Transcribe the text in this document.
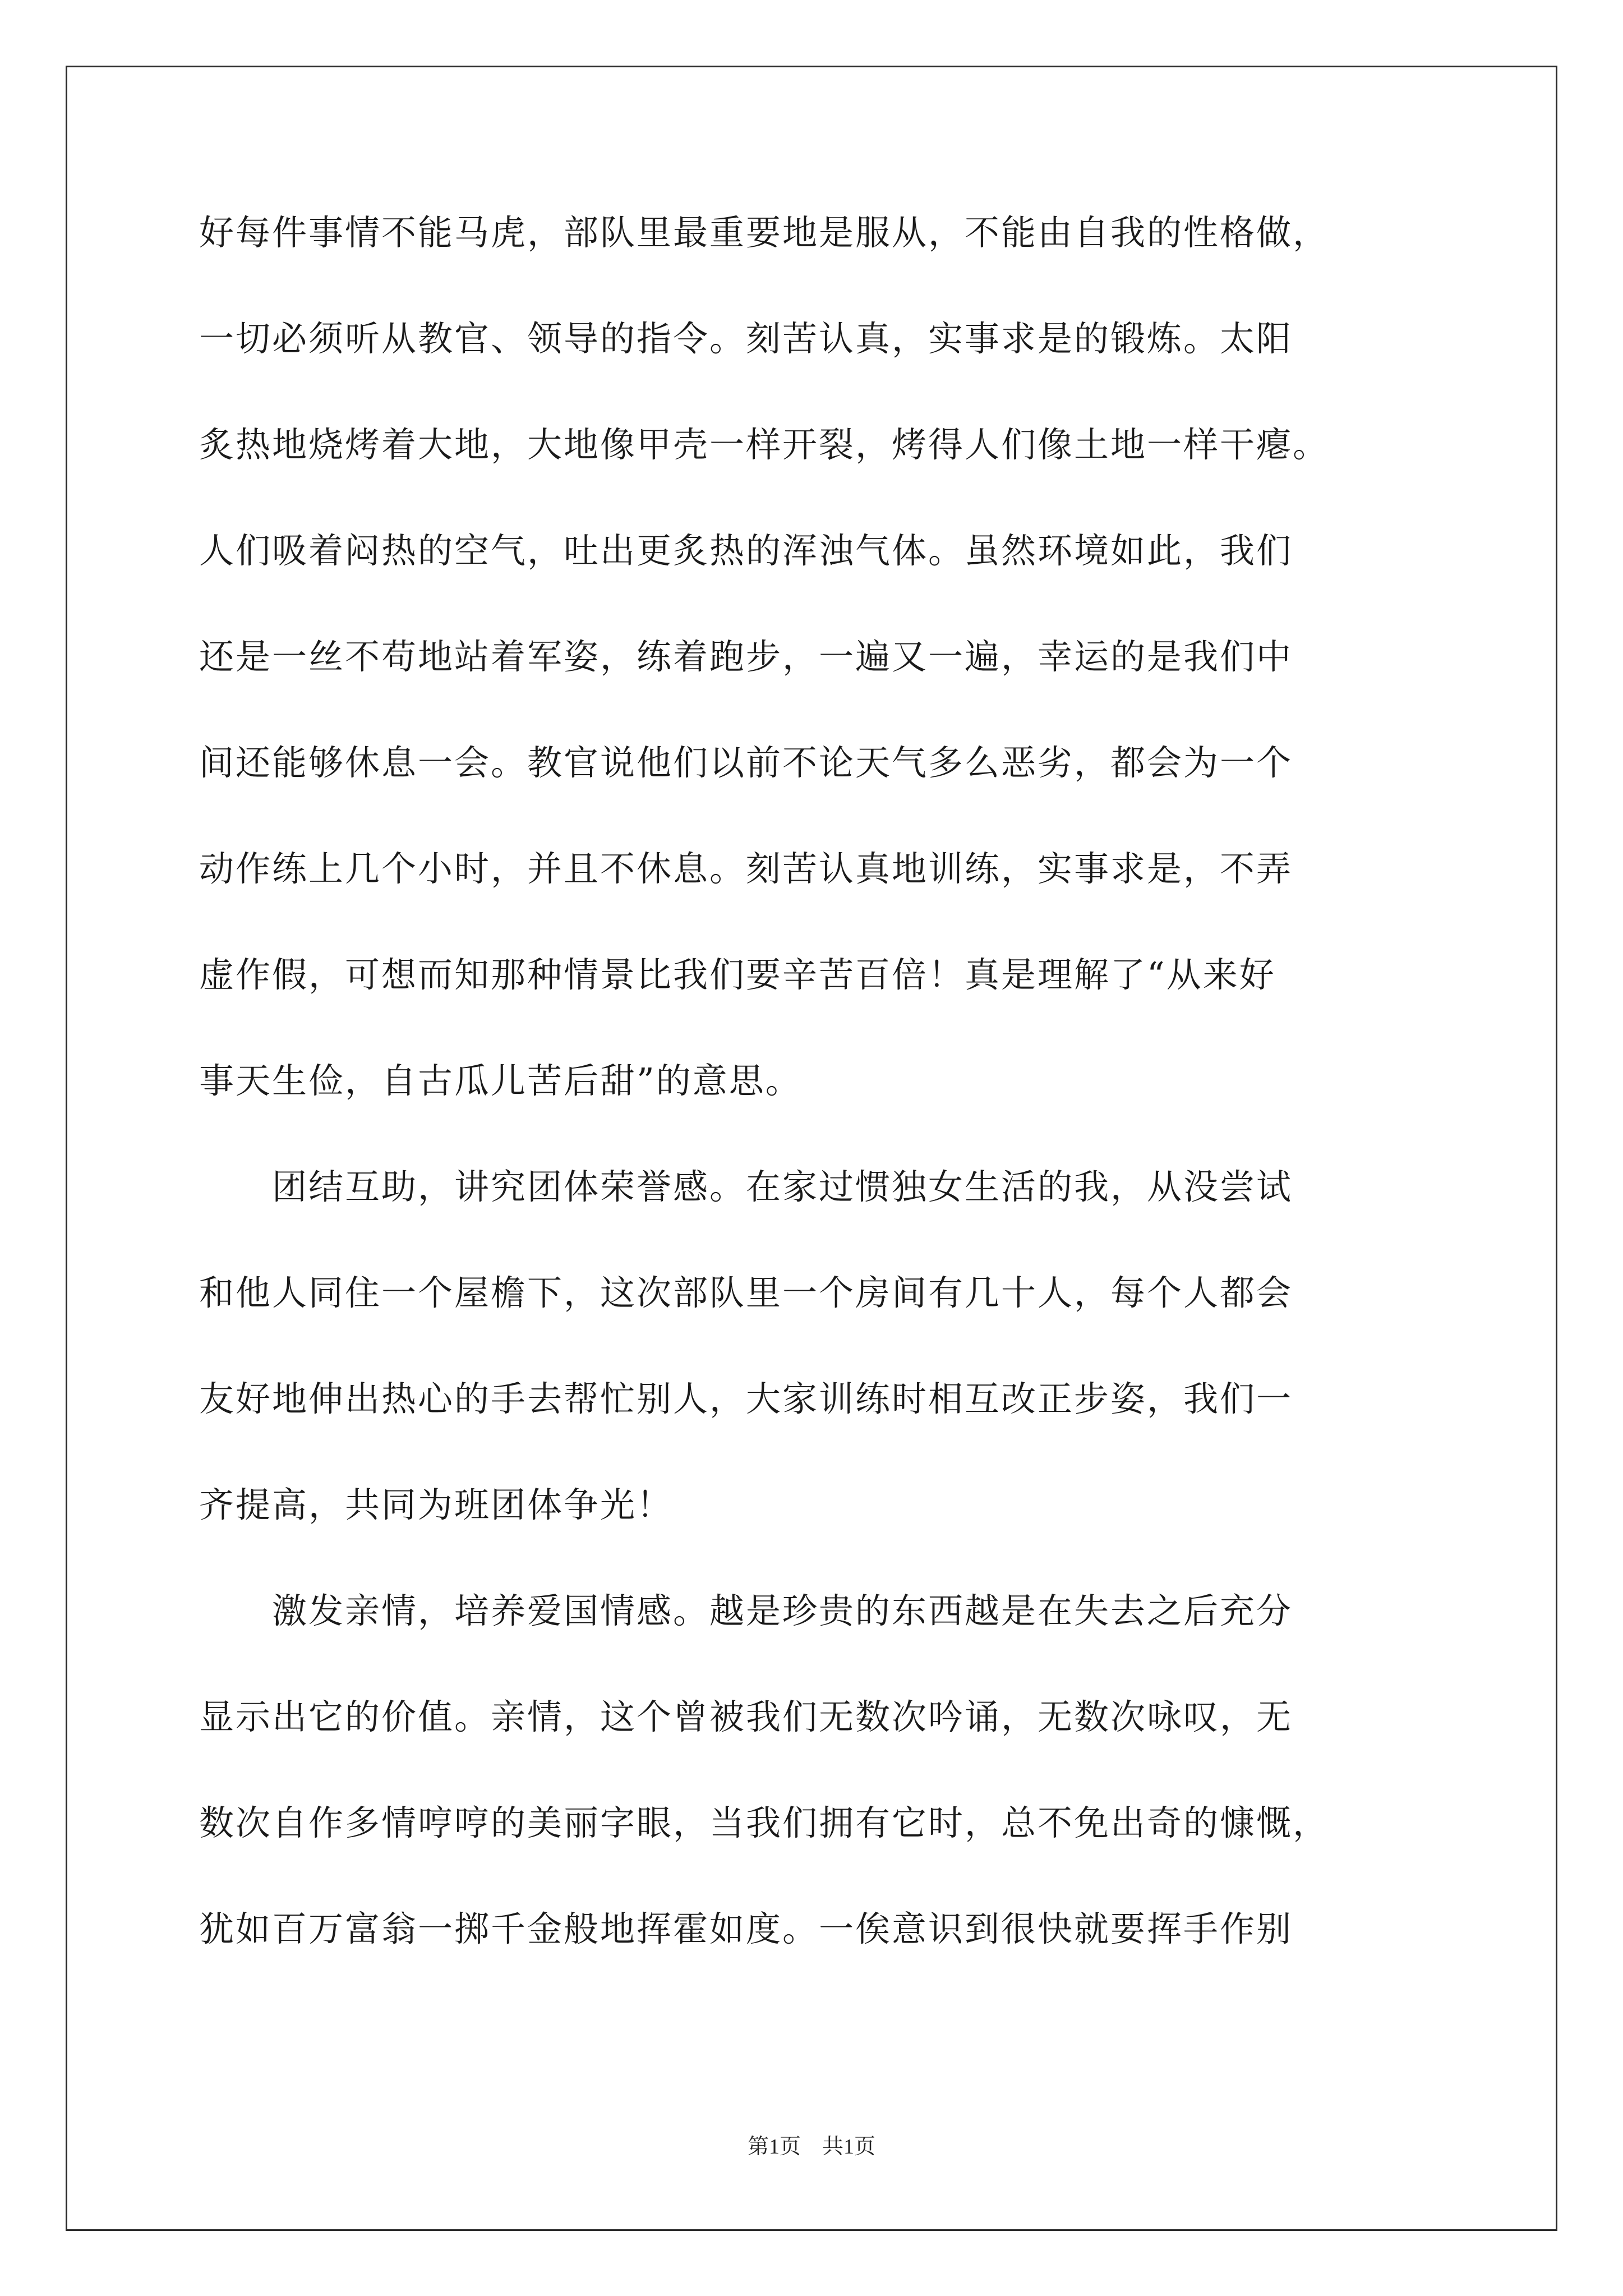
好每件事情不能马虎，部队里最重要地是服从，不能由自我的性格做，
一切必须听从教官、领导的指令。刻苦认真，实事求是的锻炼。太阳
炙热地烧烤着大地，大地像甲壳一样开裂，烤得人们像土地一样干瘪。
人们吸着闷热的空气，吐出更炙热的浑浊气体。虽然环境如此，我们
还是一丝不苟地站着军姿，练着跑步，一遍又一遍，幸运的是我们中
间还能够休息一会。教官说他们以前不论天气多么恶劣，都会为一个
动作练上几个小时，并且不休息。刻苦认真地训练，实事求是，不弄
虚作假，可想而知那种情景比我们要辛苦百倍！真是理解了“从来好
事天生俭，自古瓜儿苦后甜”的意思。
　　团结互助，讲究团体荣誉感。在家过惯独女生活的我，从没尝试
和他人同住一个屋檐下，这次部队里一个房间有几十人，每个人都会
友好地伸出热心的手去帮忙别人，大家训练时相互改正步姿，我们一
齐提高，共同为班团体争光！
　　激发亲情，培养爱国情感。越是珍贵的东西越是在失去之后充分
显示出它的价值。亲情，这个曾被我们无数次吟诵，无数次咏叹，无
数次自作多情哼哼的美丽字眼，当我们拥有它时，总不免出奇的慷慨，
犹如百万富翁一掷千金般地挥霍如度。一俟意识到很快就要挥手作别
第1页　共1页
